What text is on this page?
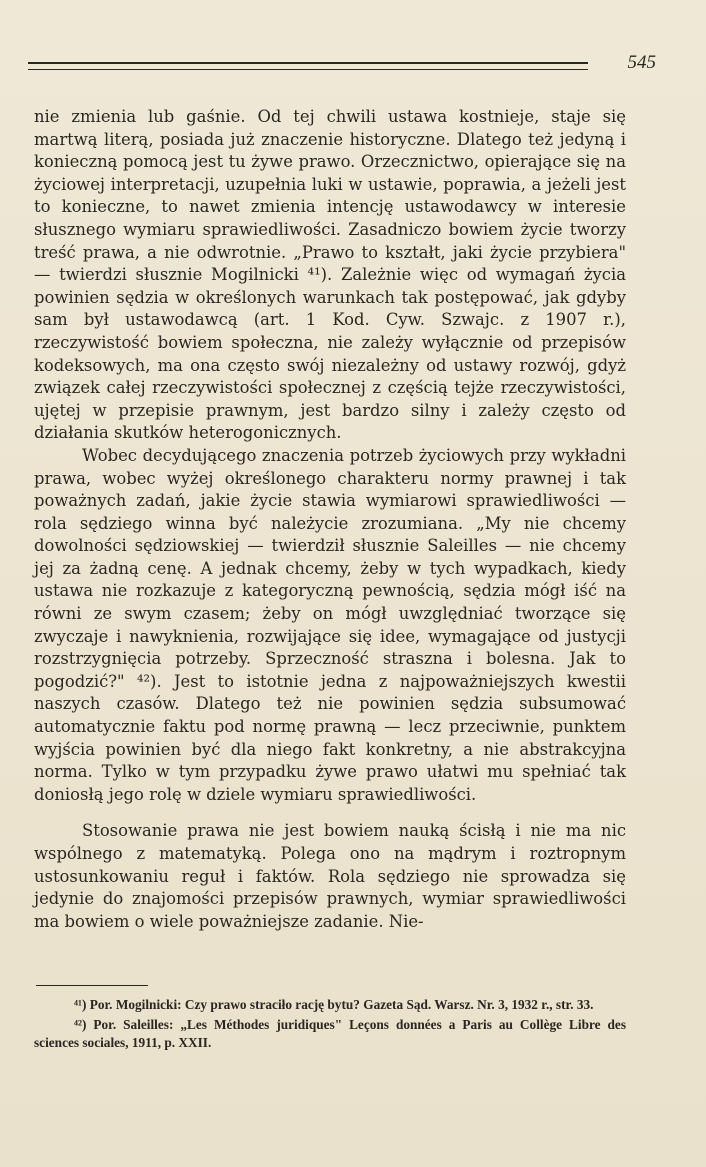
545

nie zmienia lub gaśnie. Od tej chwili ustawa kostnieje, staje się martwą literą, posiada już znaczenie historyczne. Dlatego też jedyną i konieczną pomocą jest tu żywe prawo. Orzecznictwo, opierające się na życiowej interpretacji, uzupełnia luki w ustawie, poprawia, a jeżeli jest to konieczne, to nawet zmienia intencję ustawodawcy w interesie słusznego wymiaru sprawiedliwości. Zasadniczo bowiem życie tworzy treść prawa, a nie odwrotnie. „Prawo to kształt, jaki życie przybiera" — twierdzi słusznie Mogilnicki ⁴¹). Zależnie więc od wymagań życia powinien sędzia w określonych warunkach tak postępować, jak gdyby sam był ustawodawcą (art. 1 Kod. Cyw. Szwajc. z 1907 r.), rzeczywistość bowiem społeczna, nie zależy wyłącznie od przepisów kodeksowych, ma ona często swój niezależny od ustawy rozwój, gdyż związek całej rzeczywistości społecznej z częścią tejże rzeczywistości, ujętej w przepisie prawnym, jest bardzo silny i zależy często od działania skutków heterogonicznych.

Wobec decydującego znaczenia potrzeb życiowych przy wykładni prawa, wobec wyżej określonego charakteru normy prawnej i tak poważnych zadań, jakie życie stawia wymiarowi sprawiedliwości — rola sędziego winna być należycie zrozumiana. „My nie chcemy dowolności sędziowskiej — twierdził słusznie Saleilles — nie chcemy jej za żadną cenę. A jednak chcemy, żeby w tych wypadkach, kiedy ustawa nie rozkazuje z kategoryczną pewnością, sędzia mógł iść na równi ze swym czasem; żeby on mógł uwzględniać tworzące się zwyczaje i nawyknienia, rozwijające się idee, wymagające od justycji rozstrzygnięcia potrzeby. Sprzeczność straszna i bolesna. Jak to pogodzić?" ⁴²). Jest to istotnie jedna z najpoważniejszych kwestii naszych czasów. Dlatego też nie powinien sędzia subsumować automatycznie faktu pod normę prawną — lecz przeciwnie, punktem wyjścia powinien być dla niego fakt konkretny, a nie abstrakcyjna norma. Tylko w tym przypadku żywe prawo ułatwi mu spełniać tak doniosłą jego rolę w dziele wymiaru sprawiedliwości.

Stosowanie prawa nie jest bowiem nauką ścisłą i nie ma nic wspólnego z matematyką. Polega ono na mądrym i roztropnym ustosunkowaniu reguł i faktów. Rola sędziego nie sprowadza się jedynie do znajomości przepisów prawnych, wymiar sprawiedliwości ma bowiem o wiele poważniejsze zadanie. Nie-

⁴¹) Por. Mogilnicki: Czy prawo straciło rację bytu? Gazeta Sąd. Warsz. Nr. 3, 1932 r., str. 33.

⁴²) Por. Saleilles: „Les Méthodes juridiques" Leçons données a Paris au Collège Libre des sciences sociales, 1911, p. XXII.
